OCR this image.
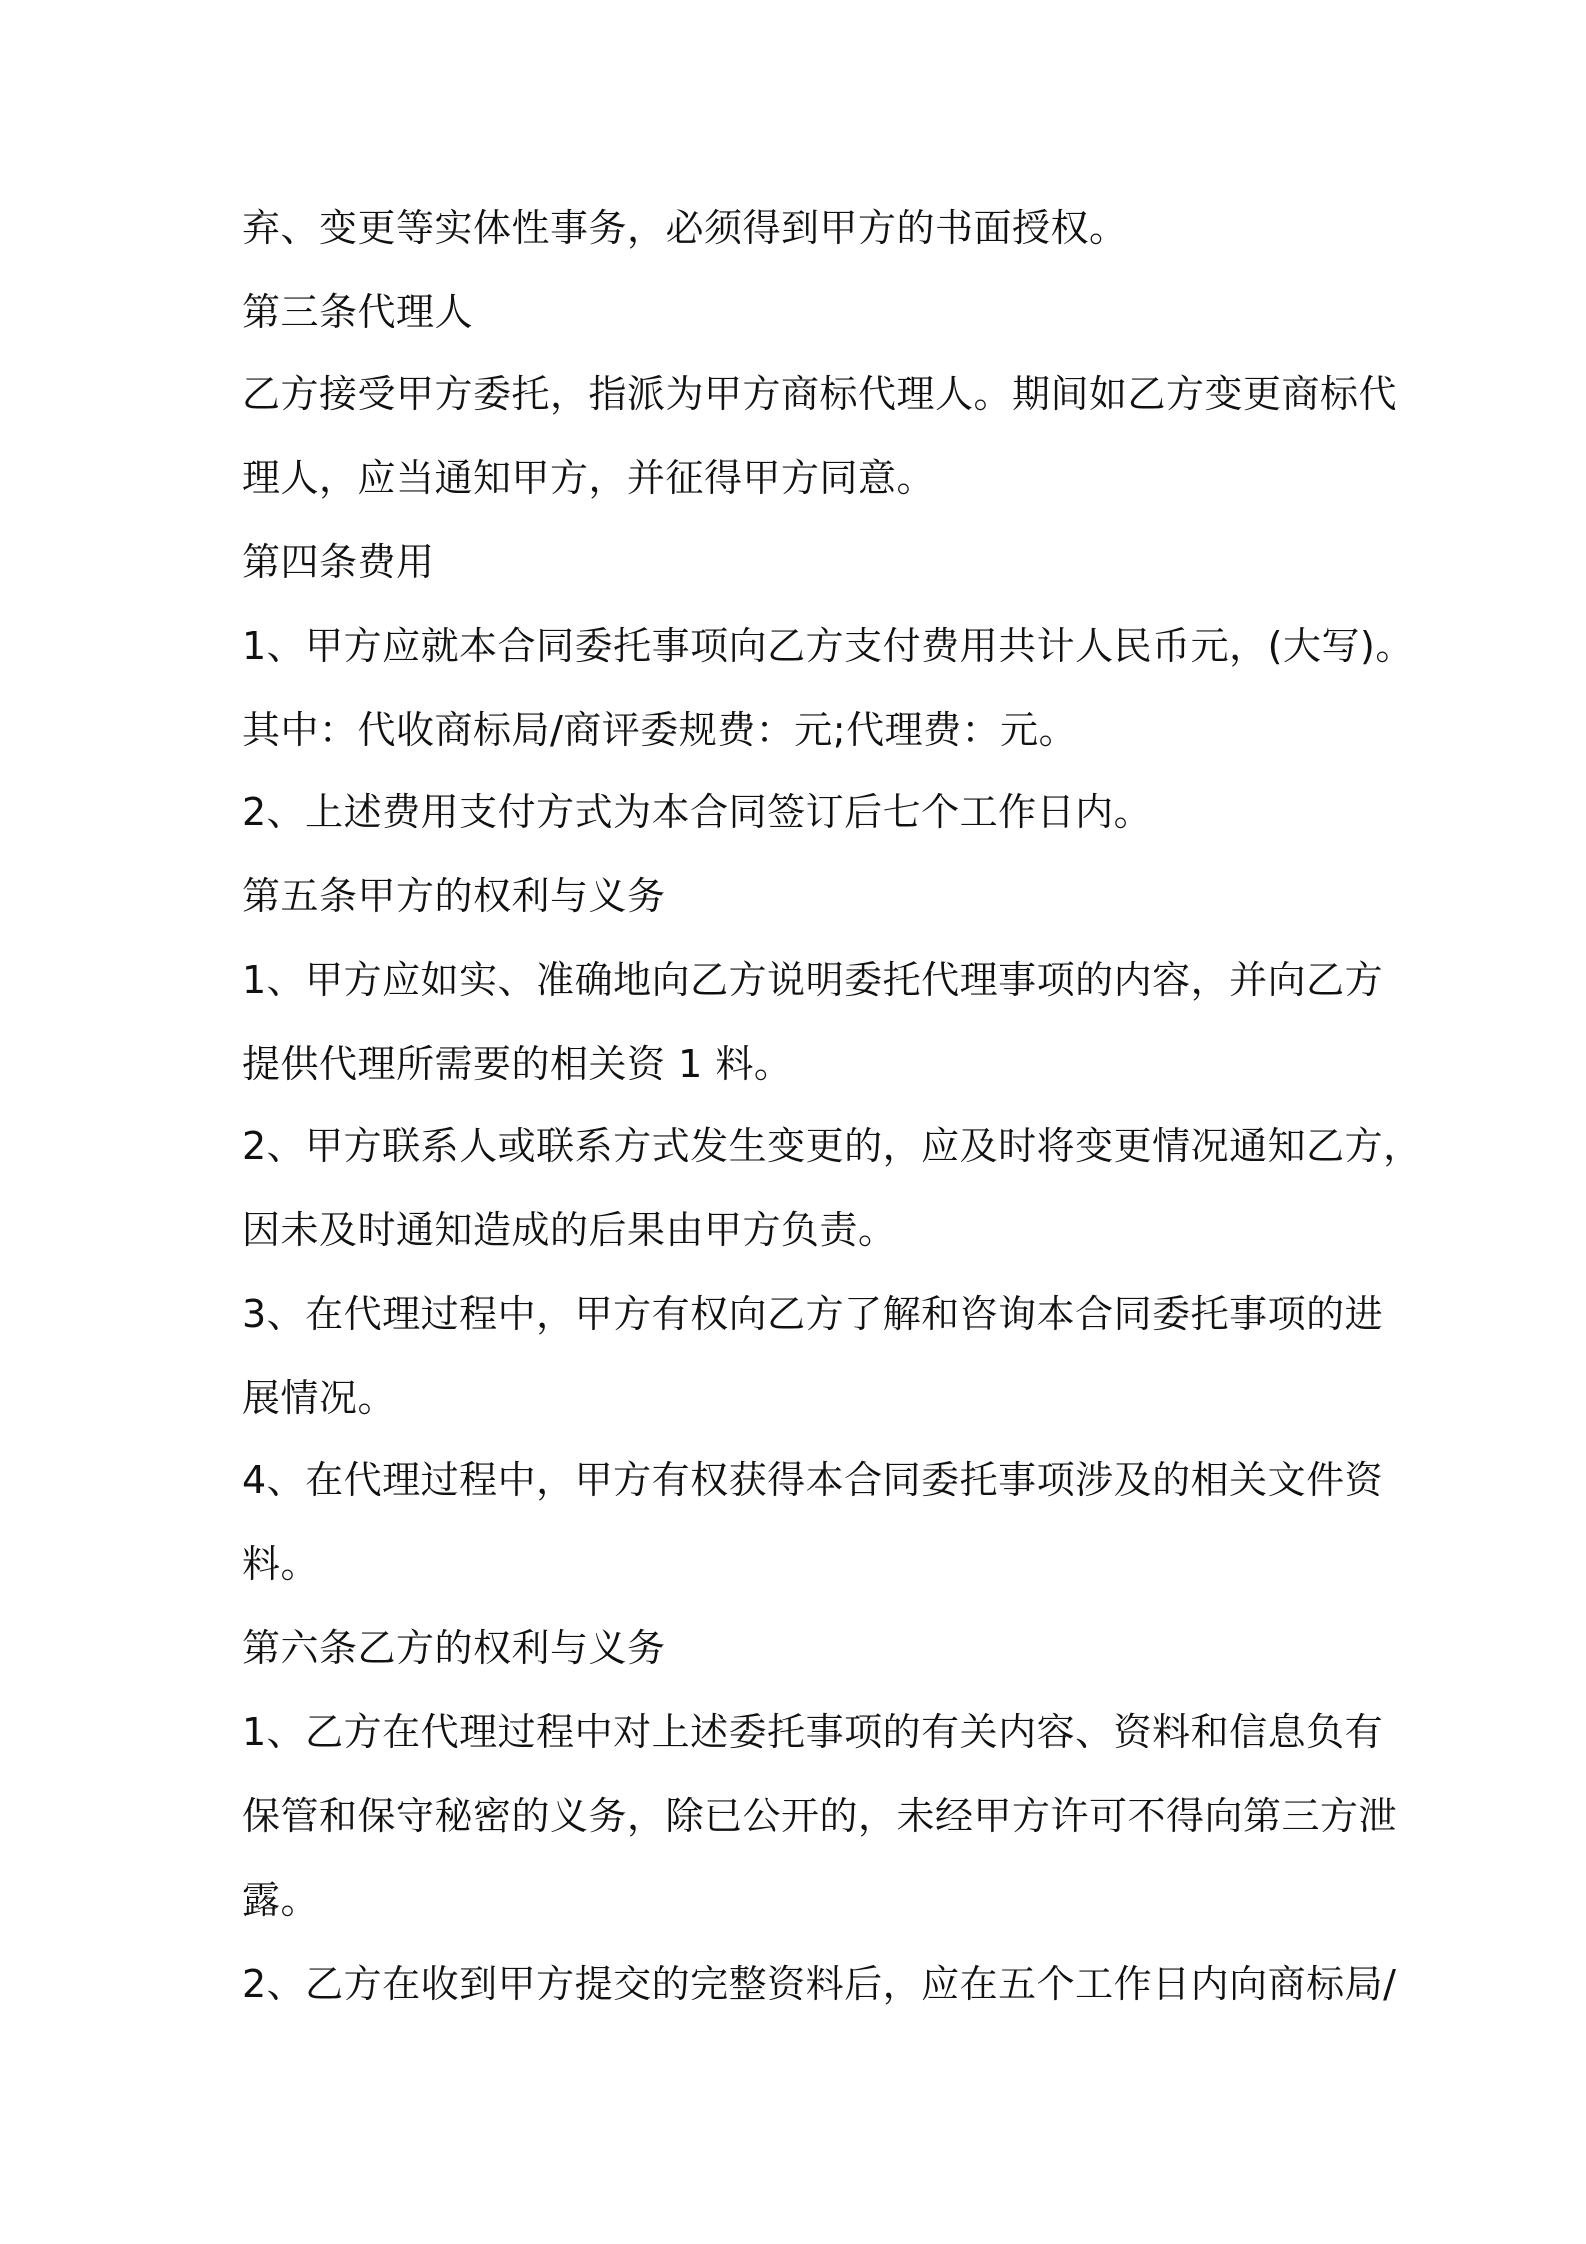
弃、变更等实体性事务，必须得到甲方的书面授权。

第三条代理人

乙方接受甲方委托，指派为甲方商标代理人。期间如乙方变更商标代

理人，应当通知甲方，并征得甲方同意。

第四条费用

1、甲方应就本合同委托事项向乙方支付费用共计人民币元，(大写)。

其中：代收商标局/商评委规费：元;代理费：元。

2、上述费用支付方式为本合同签订后七个工作日内。

第五条甲方的权利与义务

1、甲方应如实、准确地向乙方说明委托代理事项的内容，并向乙方

提供代理所需要的相关资 1 料。

2、甲方联系人或联系方式发生变更的，应及时将变更情况通知乙方，

因未及时通知造成的后果由甲方负责。

3、在代理过程中，甲方有权向乙方了解和咨询本合同委托事项的进

展情况。

4、在代理过程中，甲方有权获得本合同委托事项涉及的相关文件资

料。

第六条乙方的权利与义务

1、乙方在代理过程中对上述委托事项的有关内容、资料和信息负有

保管和保守秘密的义务，除已公开的，未经甲方许可不得向第三方泄

露。

2、乙方在收到甲方提交的完整资料后，应在五个工作日内向商标局/
